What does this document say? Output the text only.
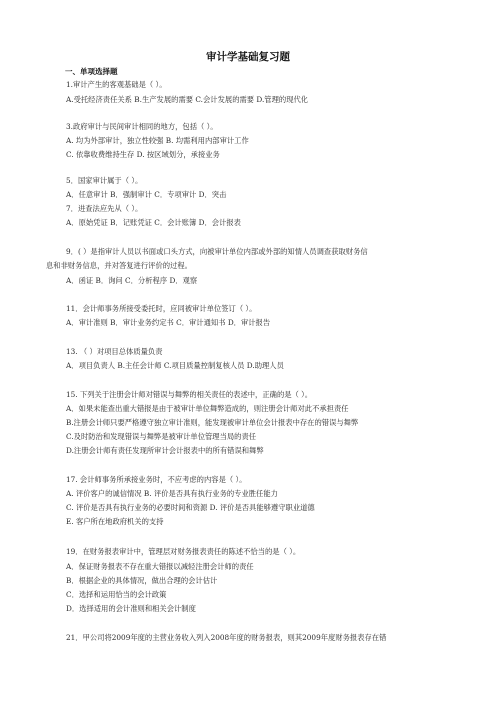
审计学基础复习题
一、单项选择题
1.审计产生的客观基础是（ ）。
A.受托经济责任关系 B.生产发展的需要 C.会计发展的需要 D.管理的现代化
3.政府审计与民间审计相同的地方，包括（ ）。
A. 均为外部审计，独立性较强 B. 均需利用内部审计工作
C. 依靠收费维持生存 D. 按区域划分，承接业务
5．国家审计属于（ ）。
A．任意审计 B．强制审计 C．专项审计 D．突击
7．进查法应先从（ ）。
A．原始凭证 B．记账凭证 C．会计账簿 D．会计报表
9．( ）是指审计人员以书面或口头方式，向被审计单位内部或外部的知情人员调查获取财务信
息和非财务信息，并对答复进行评价的过程。
A．函证 B．询问 C．分析程序 D．观察
11．会计师事务所接受委托时，应同被审计单位签订（ ）。
A．审计准则 B．审计业务约定书 C．审计通知书 D．审计报告
13. （ ）对项目总体质量负责
A．项目负责人 B.主任会计师 C.项目质量控制复核人员 D.助理人员
15. 下列关于注册会计师对错误与舞弊的相关责任的表述中，正确的是（ ）。
A．如果未能查出重大错报是由于被审计单位舞弊造成的，则注册会计师对此不承担责任
B.注册会计师只要严格遵守独立审计准则，能发现被审计单位会计报表中存在的错误与舞弊
C.及时防治和发现错误与舞弊是被审计单位管理当局的责任
D.注册会计师有责任发现所审计会计报表中的所有错误和舞弊
17. 会计师事务所承接业务时，不应考虑的内容是（ ）。
A. 评价客户的诚信情况 B. 评价是否具有执行业务的专业胜任能力
C. 评价是否具有执行业务的必要时间和资源 D. 评价是否具能够遵守职业道德
E. 客户所在地政府机关的支持
19．在财务报表审计中，管理层对财务报表责任的陈述不恰当的是（ ）。
A．保证财务报表不存在重大错报以减轻注册会计师的责任
B．根据企业的具体情况，做出合理的会计估计
C．选择和运用恰当的会计政策
D．选择适用的会计准则和相关会计制度
21．甲公司将2009年度的主营业务收入列入2008年度的财务报表，则其2009年度财务报表存在错
